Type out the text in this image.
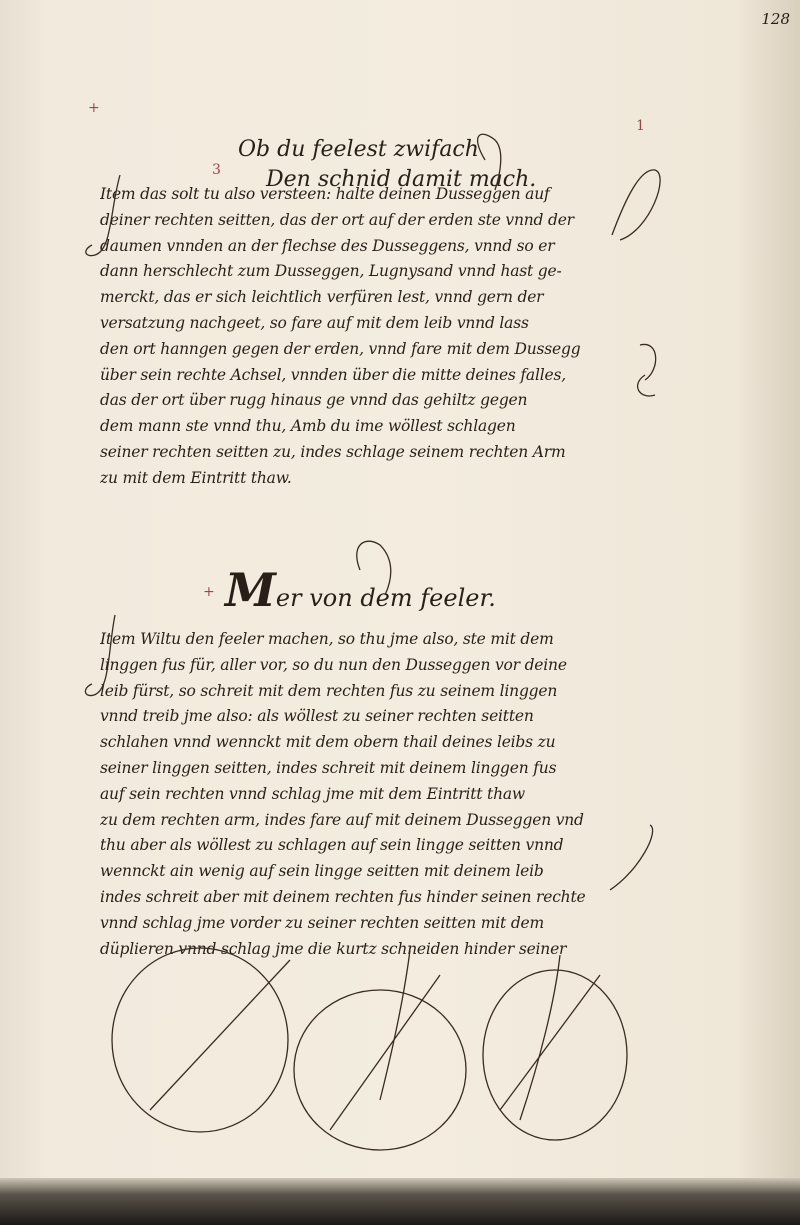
128
+
1
3
+
Ob du feelest zwifach
Den schnid damit mach.
Item das solt tu also versteen: halte deinen Dusseggen auf
deiner rechten seitten, das der ort auf der erden ste vnnd der
daumen vnnden an der flechse des Dusseggens, vnnd so er
dann herschlecht zum Dusseggen, Lugnysand vnnd hast ge-
merckt, das er sich leichtlich verfüren lest, vnnd gern der
versatzung nachgeet, so fare auf mit dem leib vnnd lass
den ort hanngen gegen der erden, vnnd fare mit dem Dussegg
über sein rechte Achsel, vnnden über die mitte deines falles,
das der ort über rugg hinaus ge vnnd das gehiltz gegen
dem mann ste vnnd thu, Amb du ime wöllest schlagen
seiner rechten seitten zu, indes schlage seinem rechten Arm
zu mit dem Eintritt thaw.
Mer von dem feeler.
Item Wiltu den feeler machen, so thu jme also, ste mit dem
linggen fus für, aller vor, so du nun den Dusseggen vor deine
leib fürst, so schreit mit dem rechten fus zu seinem linggen
vnnd treib jme also: als wöllest zu seiner rechten seitten
schlahen vnnd wennckt mit dem obern thail deines leibs zu
seiner linggen seitten, indes schreit mit deinem linggen fus
auf sein rechten vnnd schlag jme mit dem Eintritt thaw
zu dem rechten arm, indes fare auf mit deinem Dusseggen vnd
thu aber als wöllest zu schlagen auf sein lingge seitten vnnd
wennckt ain wenig auf sein lingge seitten mit deinem leib
indes schreit aber mit deinem rechten fus hinder seinen rechte
vnnd schlag jme vorder zu seiner rechten seitten mit dem
düplieren vnnd schlag jme die kurtz schneiden hinder seiner
